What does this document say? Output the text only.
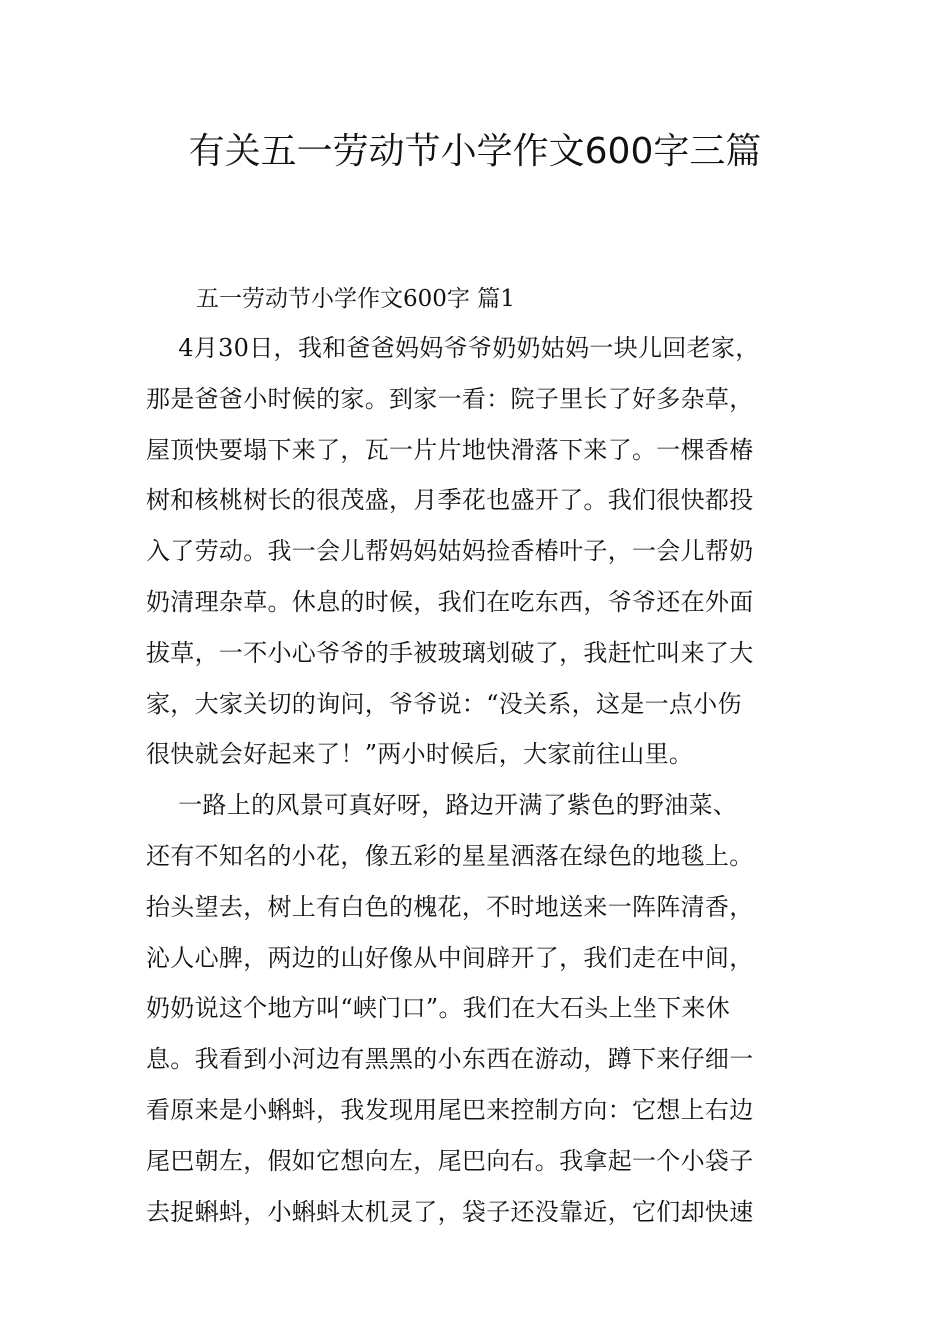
有关五一劳动节小学作文600字三篇

五一劳动节小学作文600字 篇1

　 4月30日，我和爸爸妈妈爷爷奶奶姑妈一块儿回老家，

那是爸爸小时候的家。到家一看：院子里长了好多杂草，

屋顶快要塌下来了，瓦一片片地快滑落下来了。一棵香椿

树和核桃树长的很茂盛，月季花也盛开了。我们很快都投

入了劳动。我一会儿帮妈妈姑妈捡香椿叶子，一会儿帮奶

奶清理杂草。休息的时候，我们在吃东西，爷爷还在外面

拔草，一不小心爷爷的手被玻璃划破了，我赶忙叫来了大

家，大家关切的询问，爷爷说：“没关系，这是一点小伤

很快就会好起来了！”两小时候后，大家前往山里。

　 一路上的风景可真好呀，路边开满了紫色的野油菜、

还有不知名的小花，像五彩的星星洒落在绿色的地毯上。

抬头望去，树上有白色的槐花，不时地送来一阵阵清香，

沁人心脾，两边的山好像从中间辟开了，我们走在中间，

奶奶说这个地方叫“峡门口”。我们在大石头上坐下来休

息。我看到小河边有黑黑的小东西在游动，蹲下来仔细一

看原来是小蝌蚪，我发现用尾巴来控制方向：它想上右边

尾巴朝左，假如它想向左，尾巴向右。我拿起一个小袋子

去捉蝌蚪，小蝌蚪太机灵了，袋子还没靠近，它们却快速
